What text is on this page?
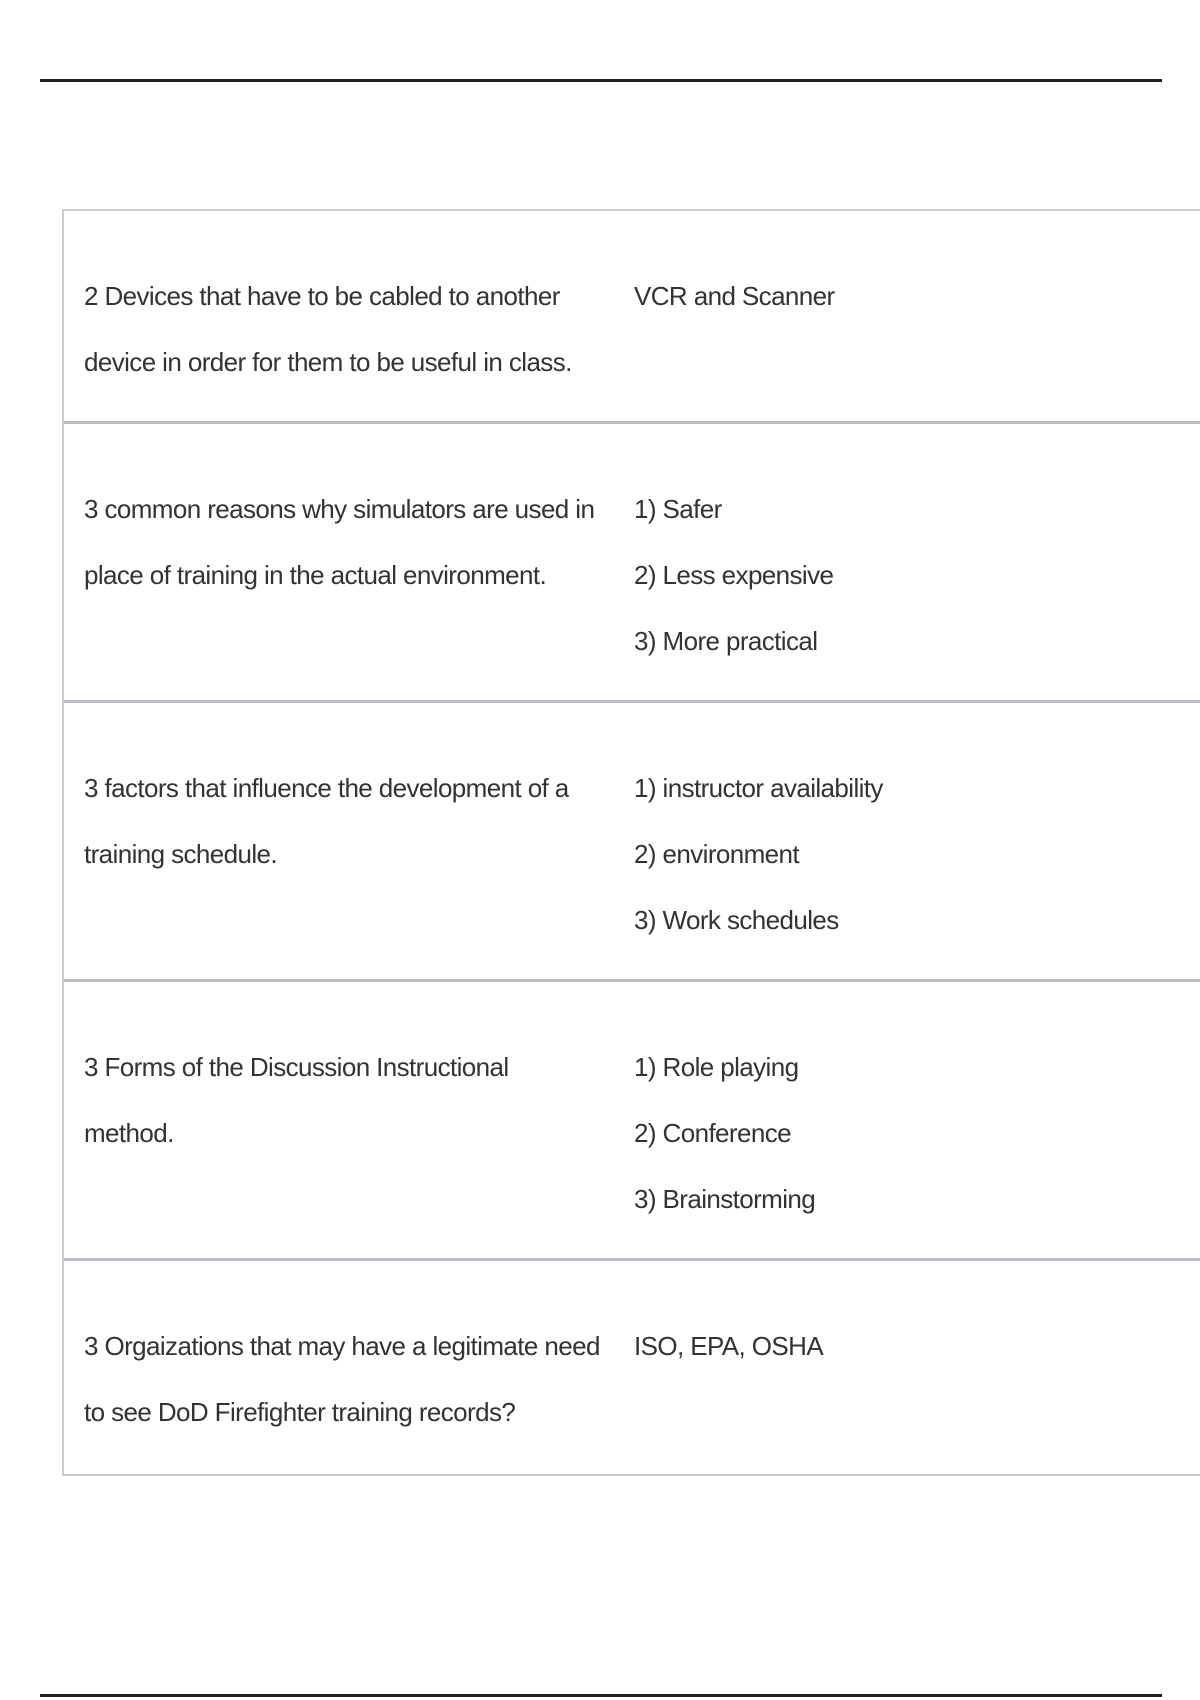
2 Devices that have to be cabled to another device in order for them to be useful in class.
VCR and Scanner
3 common reasons why simulators are used in place of training in the actual environment.
1) Safer
2) Less expensive
3) More practical
3 factors that influence the development of a training schedule.
1) instructor availability
2) environment
3) Work schedules
3 Forms of the Discussion Instructional method.
1) Role playing
2) Conference
3) Brainstorming
3 Orgaizations that may have a legitimate need to see DoD Firefighter training records?
ISO, EPA, OSHA
